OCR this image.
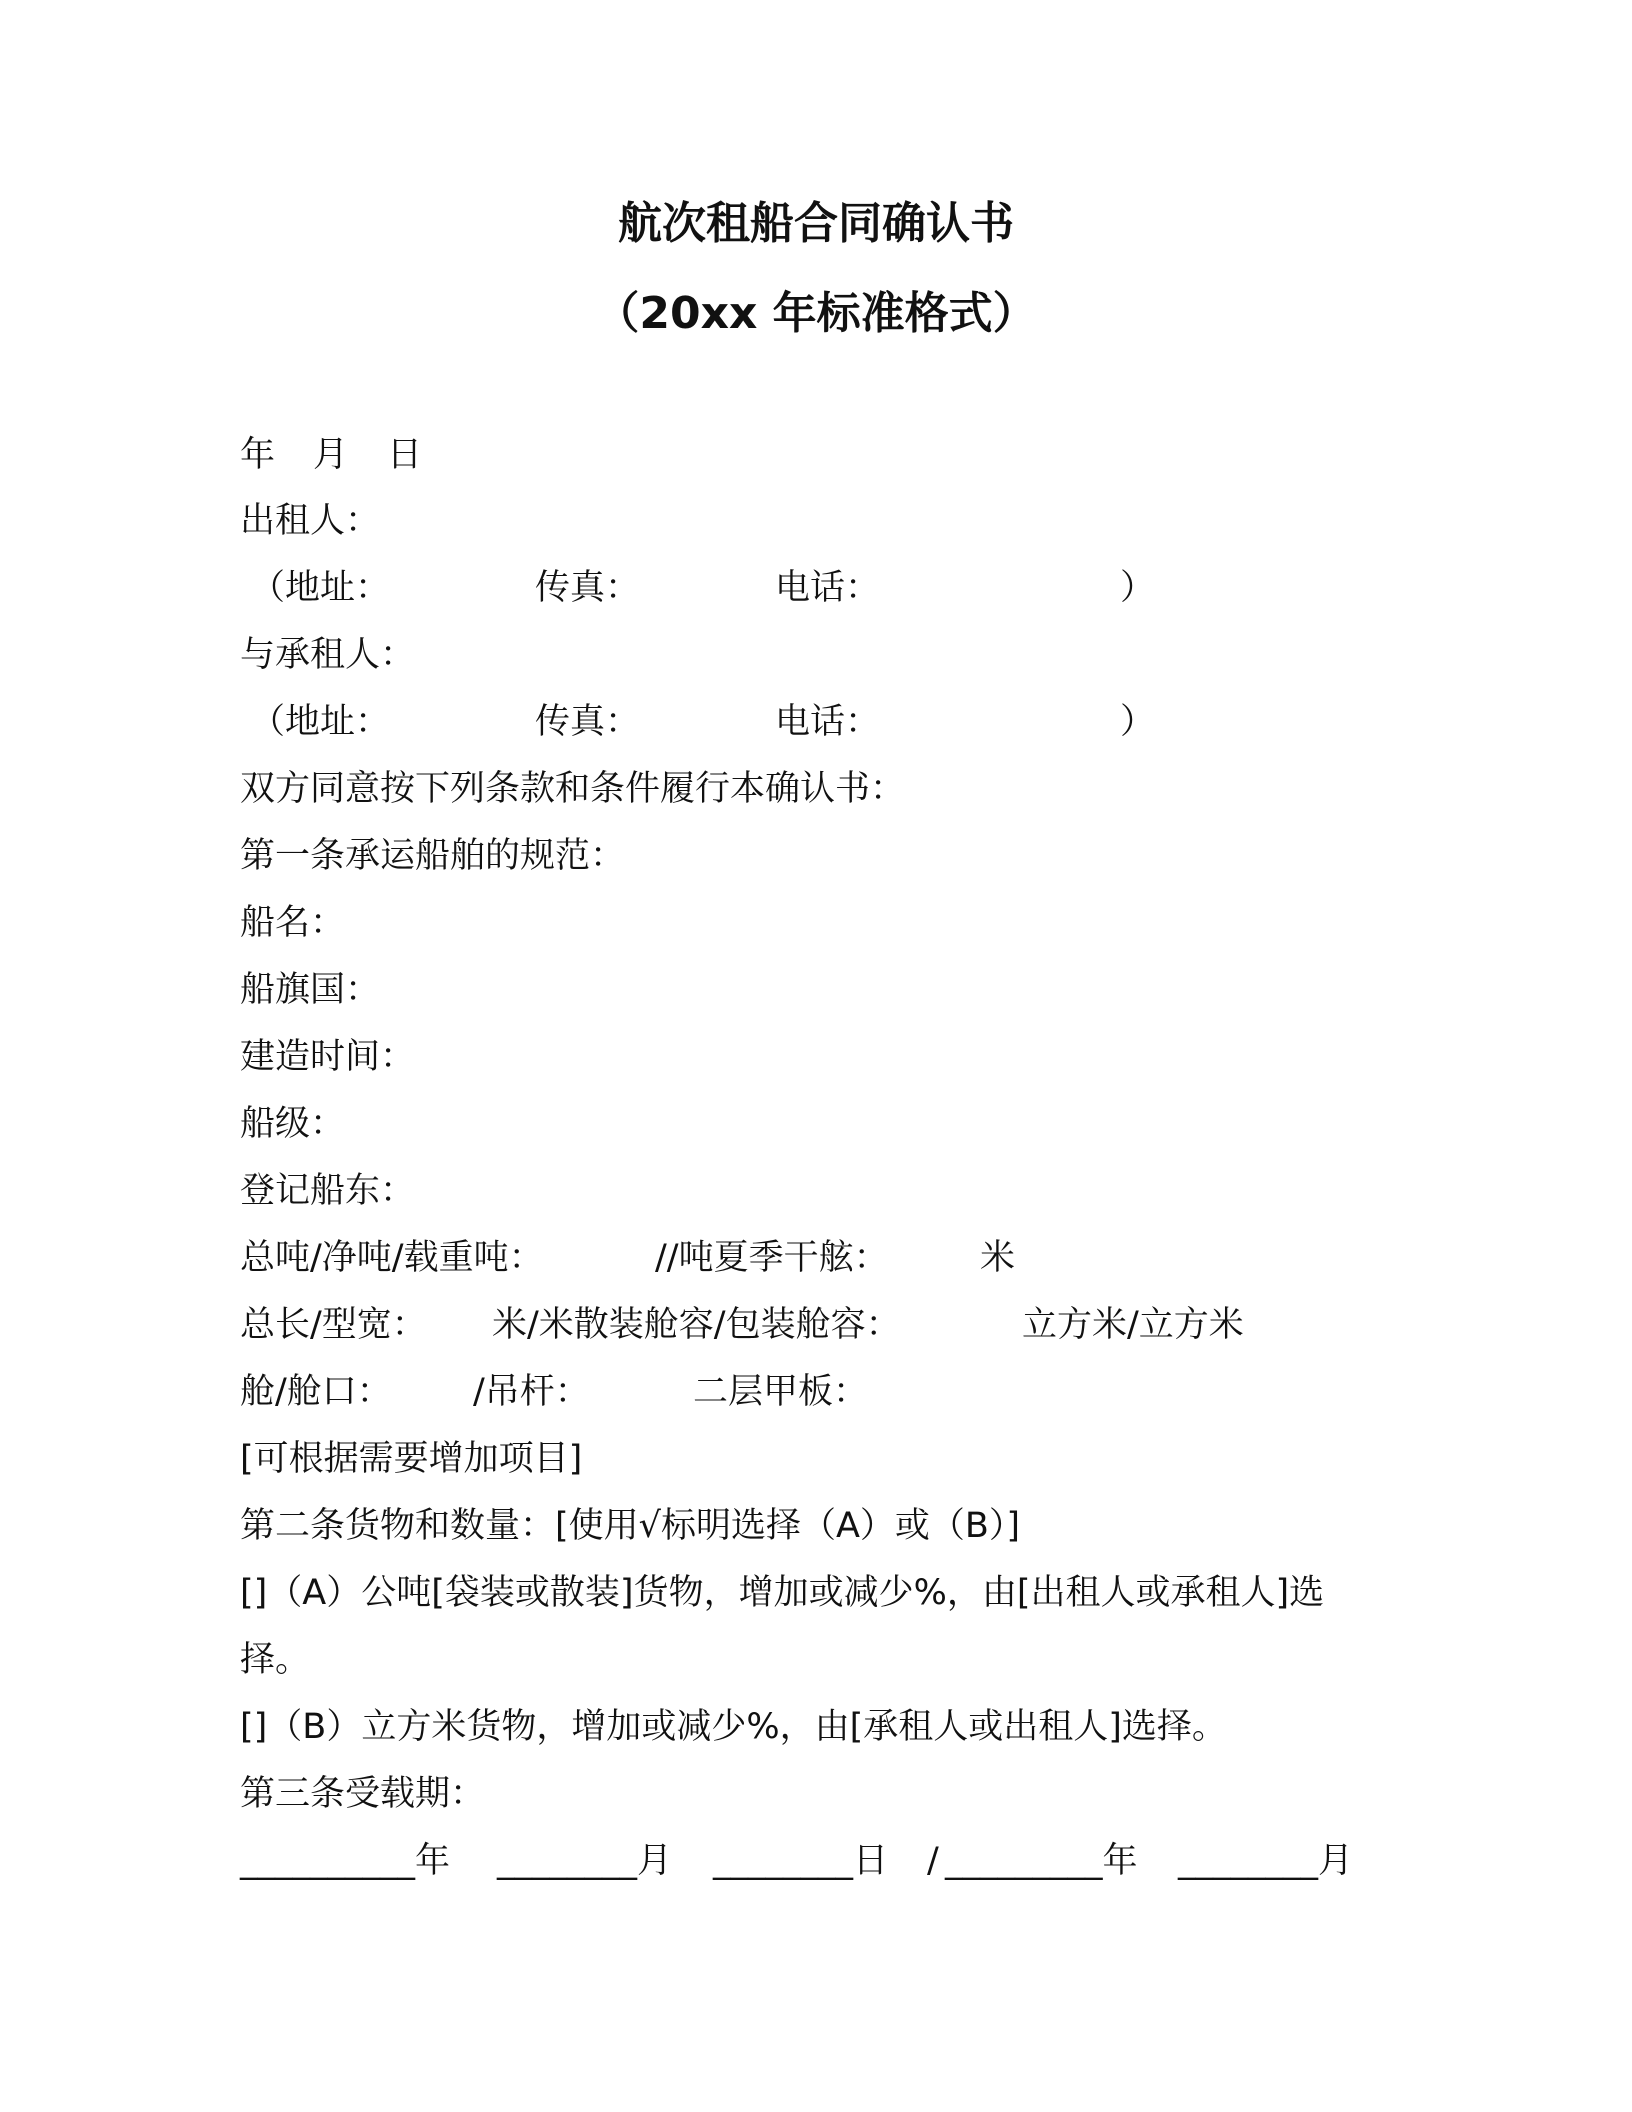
航次租船合同确认书
（20xx 年标准格式）
年 月 日
出租人：
（地址：	传真：	电话：	）
与承租人：
（地址：	传真：	电话：	）
双方同意按下列条款和条件履行本确认书：
第一条承运船舶的规范：
船名：
船旗国：
建造时间：
船级：
登记船东：
总吨/净吨/载重吨：	//吨夏季干舷：	米
总长/型宽： 米/米散装舱容/包装舱容：	立方米/立方米
舱/舱口： /吊杆：	二层甲板：
[可根据需要增加项目]
第二条货物和数量：[使用√标明选择（A）或（B）]
[]（A）公吨[袋装或散装]货物，增加或减少%，由[出租人或承租人]选
择。
[]（B）立方米货物，增加或减少%，由[承租人或出租人]选择。
第三条受载期：
__________年 ________月 ________日 / _________年 ________月
